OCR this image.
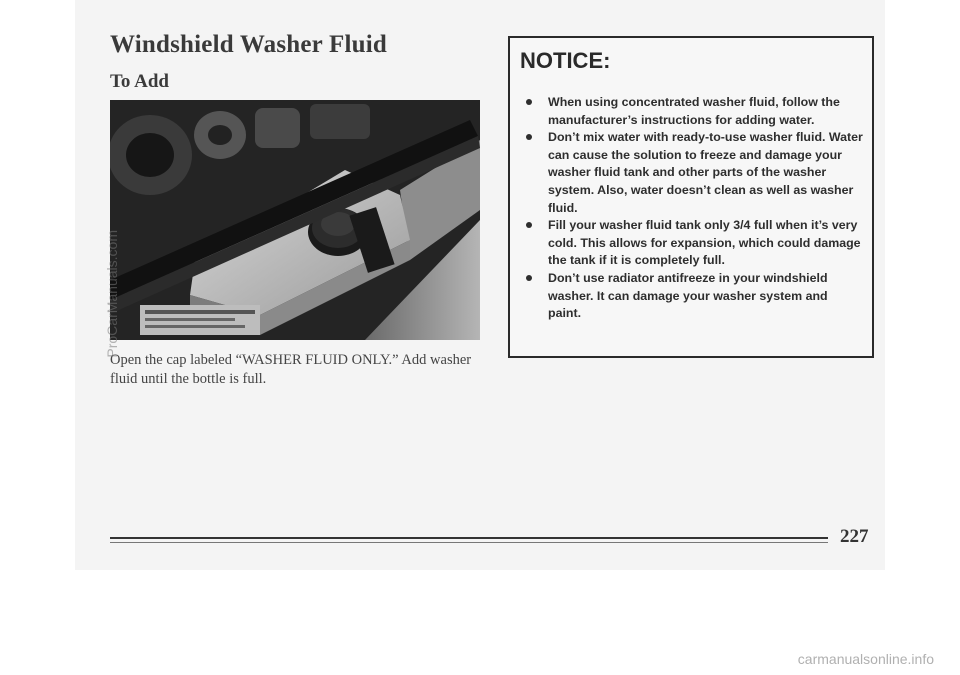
Windshield Washer Fluid
To Add

Open the cap labeled “WASHER FLUID ONLY.” Add washer fluid until the bottle is full.

NOTICE:
When using concentrated washer fluid, follow the manufacturer’s instructions for adding water.
Don’t mix water with ready-to-use washer fluid. Water can cause the solution to freeze and damage your washer fluid tank and other parts of the washer system. Also, water doesn’t clean as well as washer fluid.
Fill your washer fluid tank only 3/4 full when it’s very cold. This allows for expansion, which could damage the tank if it is completely full.
Don’t use radiator antifreeze in your windshield washer. It can damage your washer system and paint.
ProCarManuals.com

227

carmanualsonline.info
